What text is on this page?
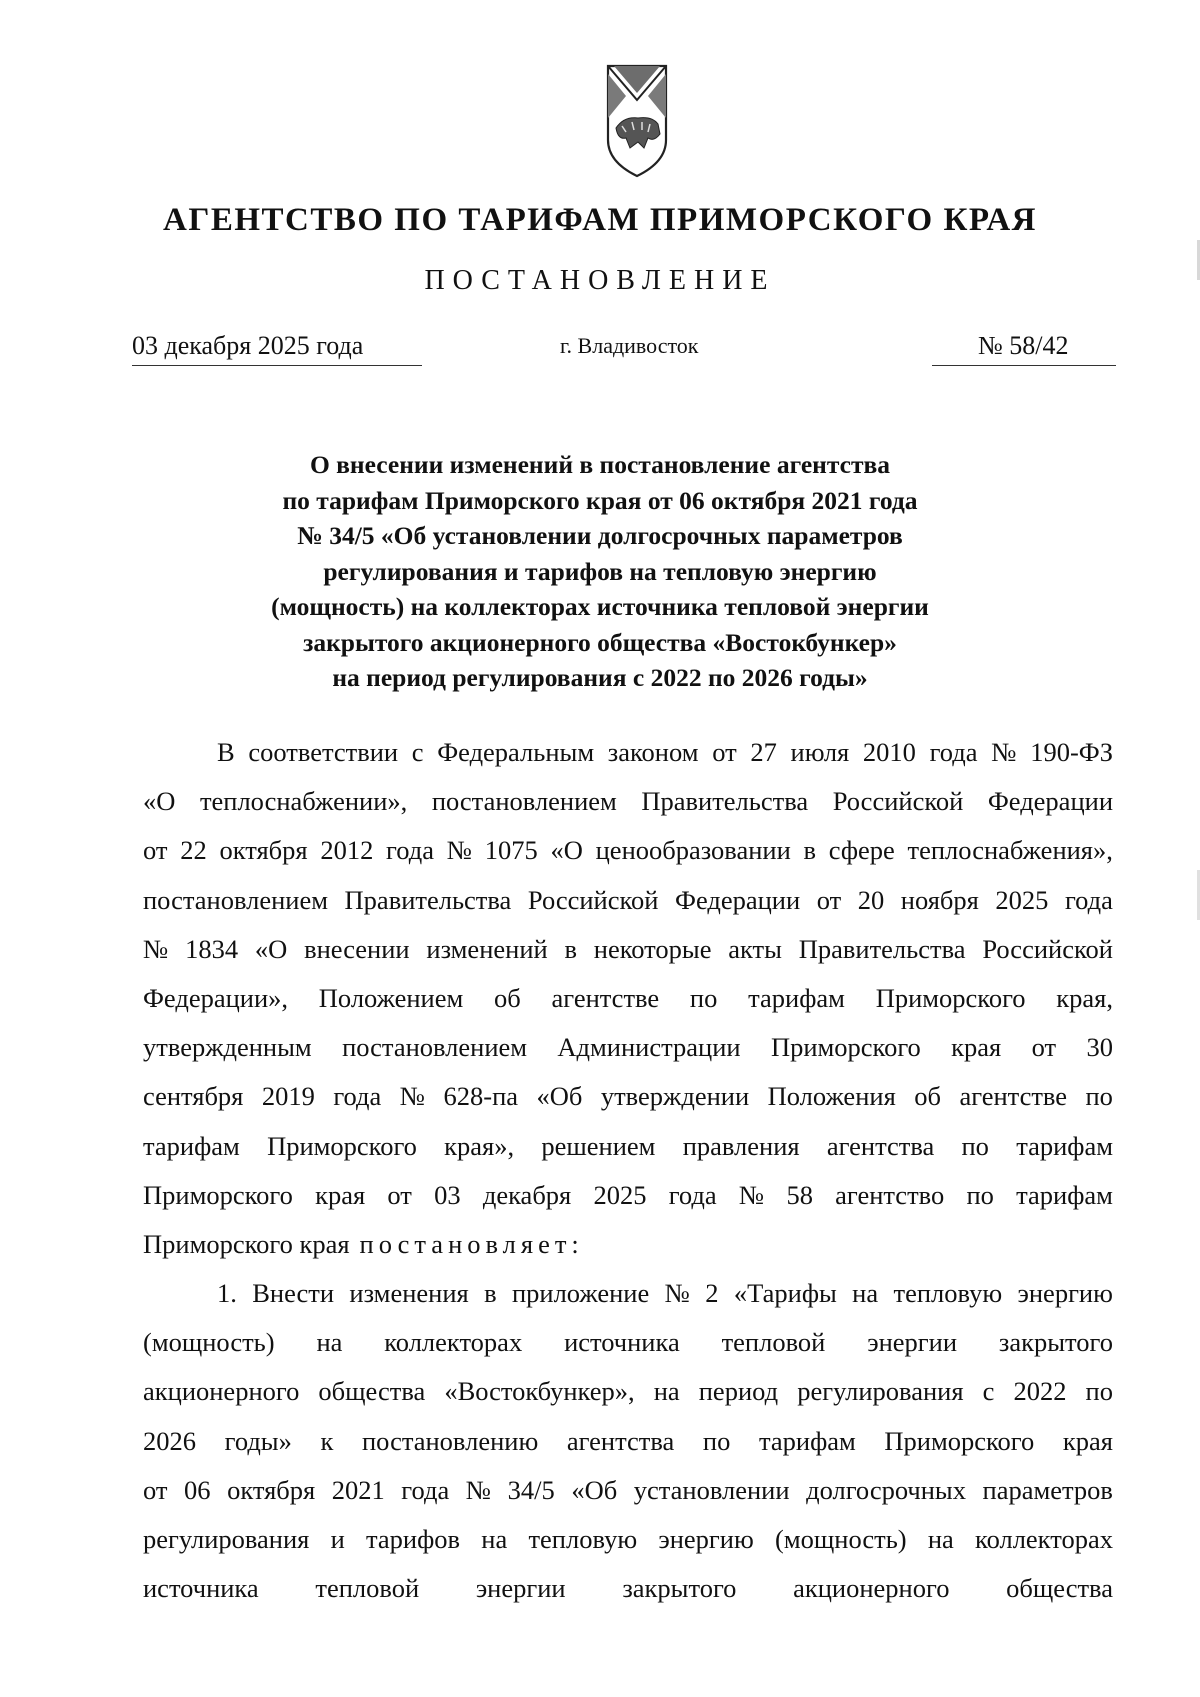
АГЕНТСТВО ПО ТАРИФАМ ПРИМОРСКОГО КРАЯ
ПОСТАНОВЛЕНИЕ
03 декабря 2025 года	г. Владивосток	№ 58/42
О внесении изменений в постановление агентства
по тарифам Приморского края от 06 октября 2021 года
№ 34/5 «Об установлении долгосрочных параметров
регулирования и тарифов на тепловую энергию
(мощность) на коллекторах источника тепловой энергии
закрытого акционерного общества «Востокбункер»
на период регулирования с 2022 по 2026 годы»
В соответствии с Федеральным законом от 27 июля 2010 года № 190-ФЗ
«О теплоснабжении», постановлением Правительства Российской Федерации
от 22 октября 2012 года № 1075 «О ценообразовании в сфере теплоснабжения»,
постановлением Правительства Российской Федерации от 20 ноября 2025 года
№ 1834 «О внесении изменений в некоторые акты Правительства Российской
Федерации», Положением об агентстве по тарифам Приморского края,
утвержденным постановлением Администрации Приморского края от 30
сентября 2019 года № 628-па «Об утверждении Положения об агентстве по
тарифам Приморского края», решением правления агентства по тарифам
Приморского края от 03 декабря 2025 года № 58 агентство по тарифам
Приморского края постановляет:
1. Внести изменения в приложение № 2 «Тарифы на тепловую энергию
(мощность) на коллекторах источника тепловой энергии закрытого
акционерного общества «Востокбункер», на период регулирования с 2022 по
2026 годы» к постановлению агентства по тарифам Приморского края
от 06 октября 2021 года № 34/5 «Об установлении долгосрочных параметров
регулирования и тарифов на тепловую энергию (мощность) на коллекторах
источника тепловой энергии закрытого акционерного общества
